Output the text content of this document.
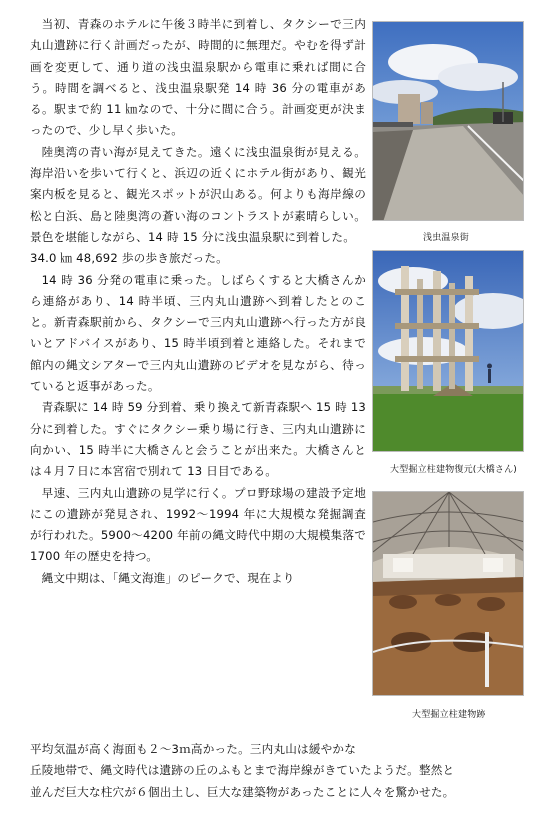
当初、青森のホテルに午後３時半に到着し、タクシーで三内丸山遺跡に行く計画だったが、時間的に無理だ。やむを得ず計画を変更して、通り道の浅虫温泉駅から電車に乗れば間に合う。時間を調べると、浅虫温泉駅発 14 時 36 分の電車がある。駅まで約 11 ㎞なので、十分に間に合う。計画変更が決まったので、少し早く歩いた。

陸奥湾の青い海が見えてきた。遠くに浅虫温泉街が見える。海岸沿いを歩いて行くと、浜辺の近くにホテル街があり、観光案内板を見ると、観光スポットが沢山ある。何よりも海岸線の松と白浜、島と陸奥湾の蒼い海のコントラストが素晴らしい。景色を堪能しながら、14 時 15 分に浅虫温泉駅に到着した。

34.0 ㎞ 48,692 歩の歩き旅だった。

14 時 36 分発の電車に乗った。しばらくすると大橋さんから連絡があり、14 時半頃、三内丸山遺跡へ到着したとのこと。新青森駅前から、タクシーで三内丸山遺跡へ行った方が良いとアドバイスがあり、15 時半頃到着と連絡した。それまで館内の縄文シアターで三内丸山遺跡のビデオを見ながら、待っていると返事があった。

青森駅に 14 時 59 分到着、乗り換えて新青森駅へ 15 時 13 分に到着した。すぐにタクシー乗り場に行き、三内丸山遺跡に向かい、15 時半に大橋さんと会うことが出来た。大橋さんとは４月７日に本宮宿で別れて 13 日目である。

早速、三内丸山遺跡の見学に行く。プロ野球場の建設予定地にこの遺跡が発見され、1992～1994 年に大規模な発掘調査が行われた。5900～4200 年前の縄文時代中期の大規模集落で 1700 年の歴史を持つ。

縄文中期は、「縄文海進」のピークで、現在より

平均気温が高く海面も２～3ｍ高かった。三内丸山は緩やかな

丘陵地帯で、縄文時代は遺跡の丘のふもとまで海岸線がきていたようだ。整然と

並んだ巨大な柱穴が６個出土し、巨大な建築物があったことに人々を驚かせた。

浅虫温泉街
大型掘立柱建物復元(大橋さん)
大型掘立柱建物跡
